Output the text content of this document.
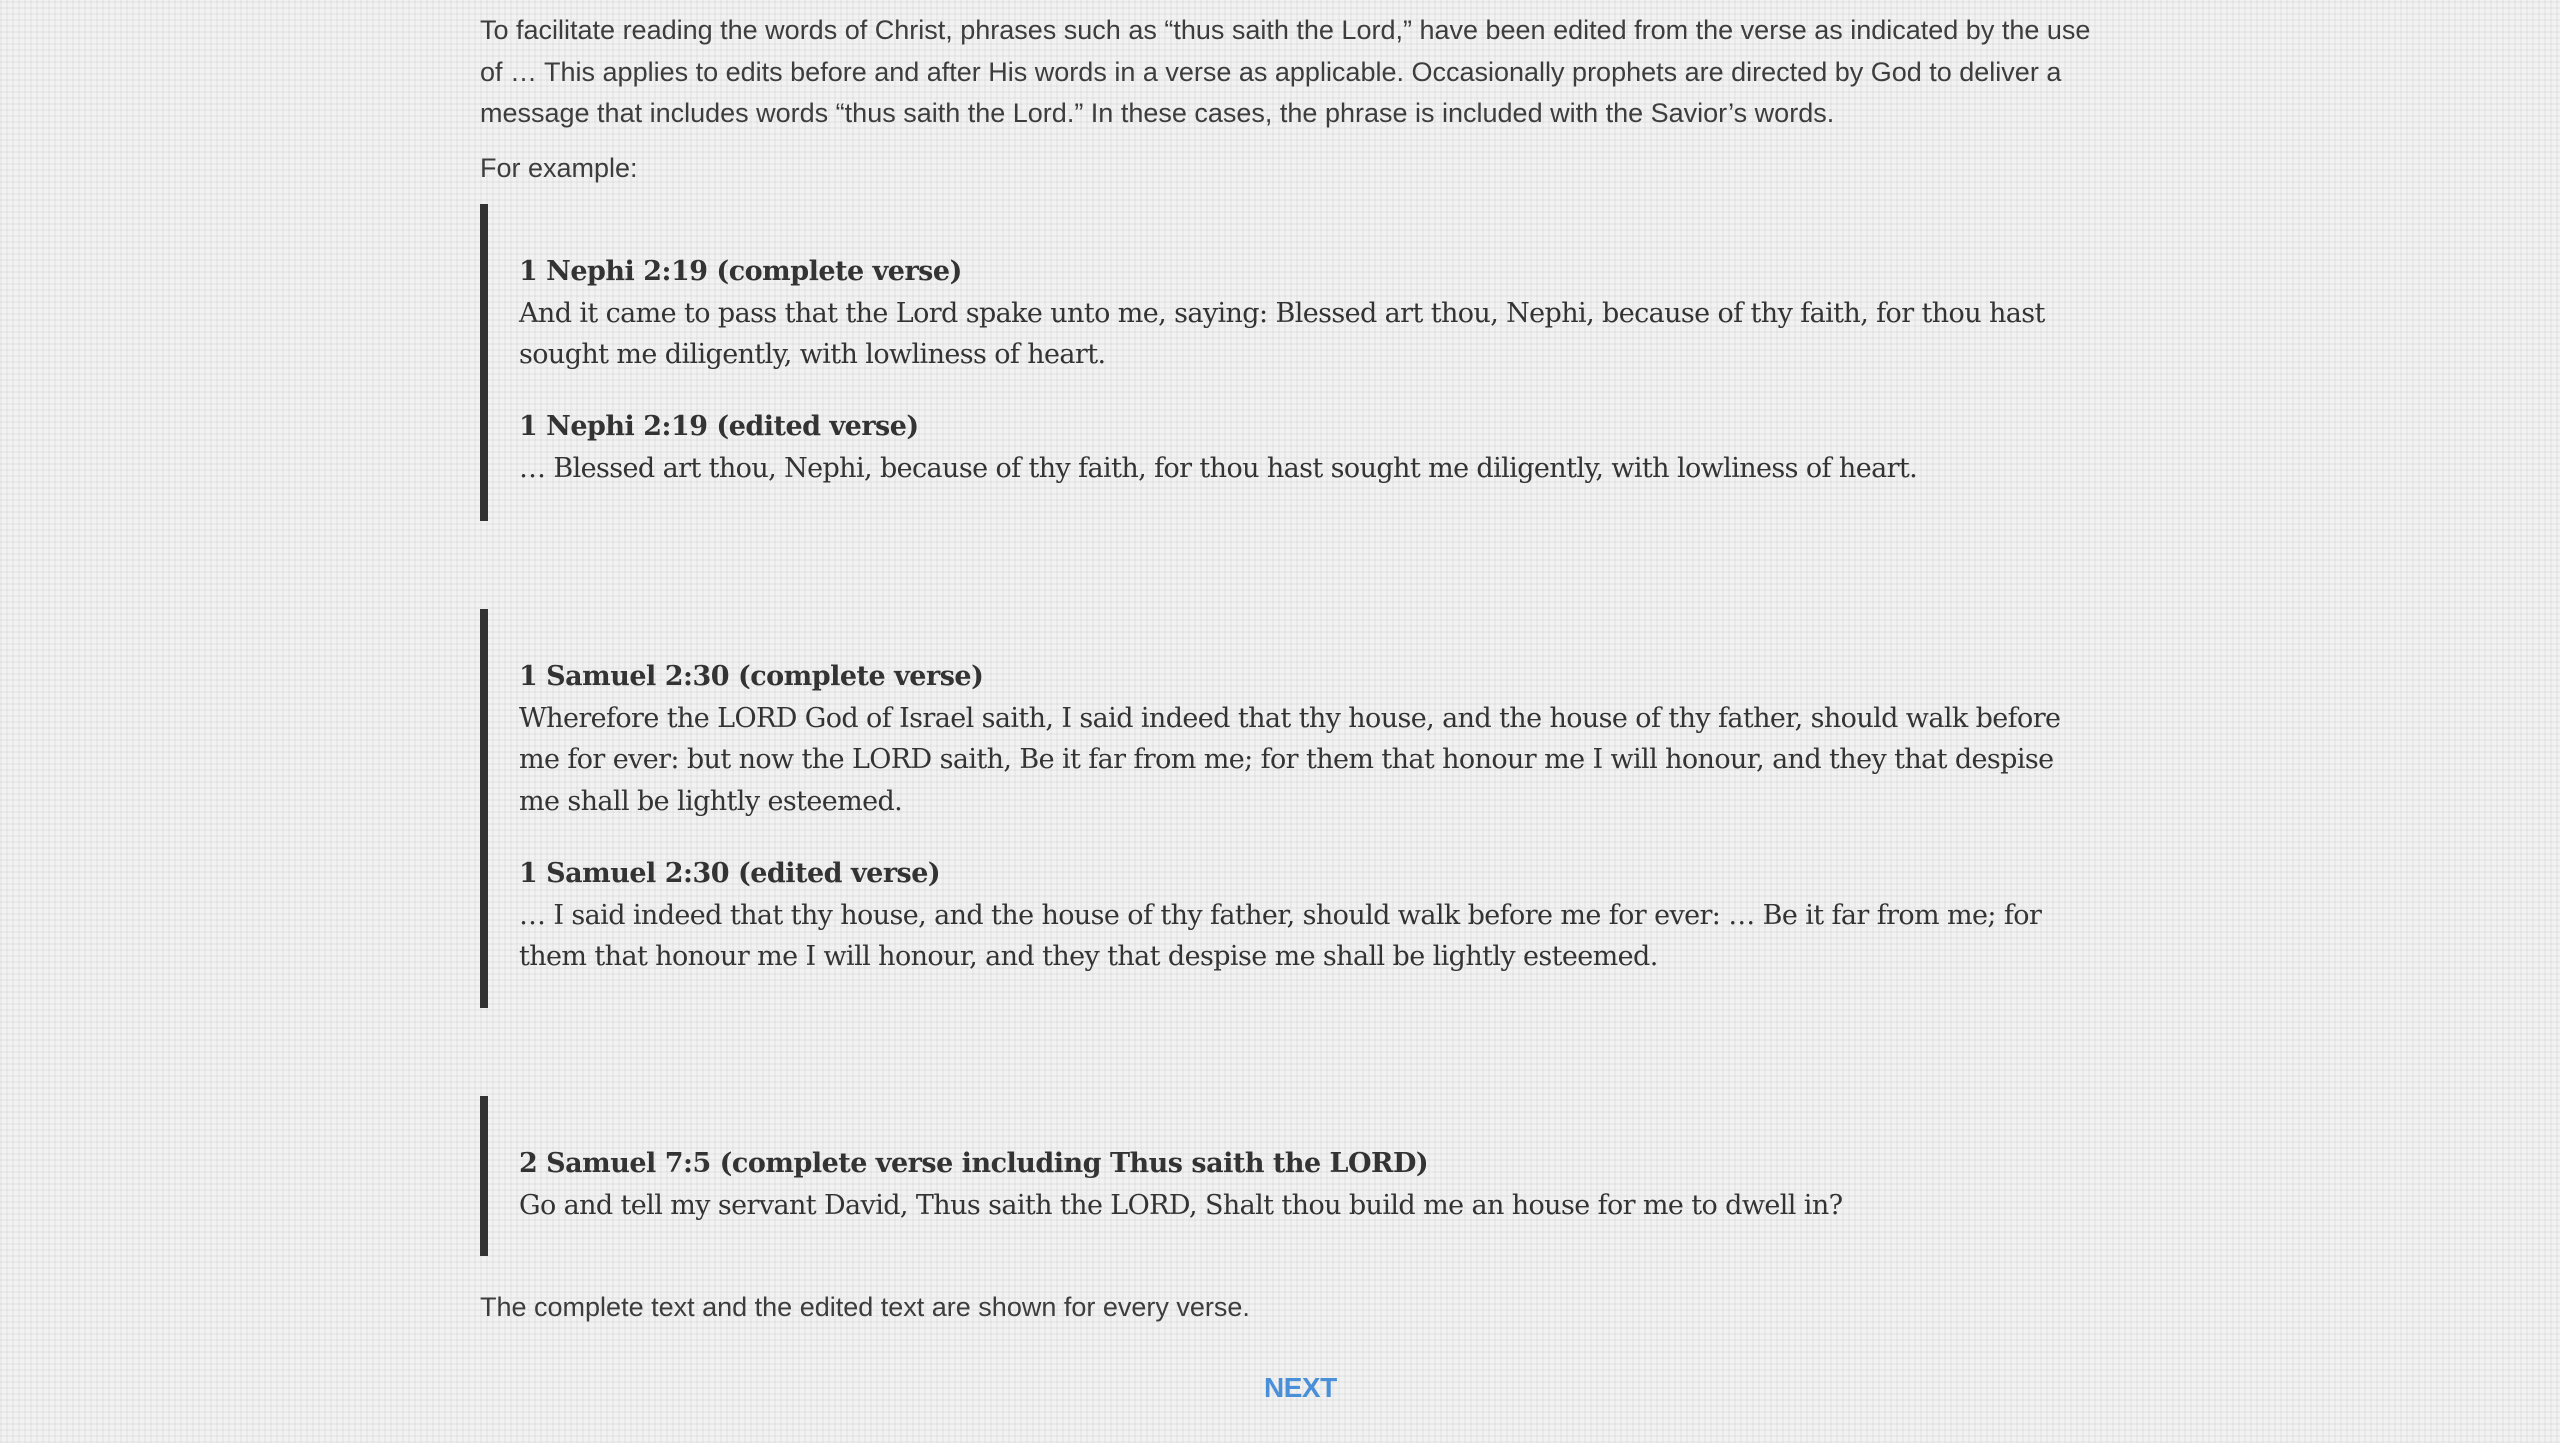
To facilitate reading the words of Christ, phrases such as “thus saith the Lord,” have been edited from the verse as indicated by the use of … This applies to edits before and after His words in a verse as applicable. Occasionally prophets are directed by God to deliver a message that includes words “thus saith the Lord.” In these cases, the phrase is included with the Savior’s words.

For example:

1 Nephi 2:19 (complete verse)

And it came to pass that the Lord spake unto me, saying: Blessed art thou, Nephi, because of thy faith, for thou hast sought me diligently, with lowliness of heart.

1 Nephi 2:19 (edited verse)

… Blessed art thou, Nephi, because of thy faith, for thou hast sought me diligently, with lowliness of heart.

1 Samuel 2:30 (complete verse)

Wherefore the LORD God of Israel saith, I said indeed that thy house, and the house of thy father, should walk before me for ever: but now the LORD saith, Be it far from me; for them that honour me I will honour, and they that despise me shall be lightly esteemed.

1 Samuel 2:30 (edited verse)

… I said indeed that thy house, and the house of thy father, should walk before me for ever: … Be it far from me; for them that honour me I will honour, and they that despise me shall be lightly esteemed.

2 Samuel 7:5 (complete verse including Thus saith the LORD)

Go and tell my servant David, Thus saith the LORD, Shalt thou build me an house for me to dwell in?

The complete text and the edited text are shown for every verse.

NEXT
